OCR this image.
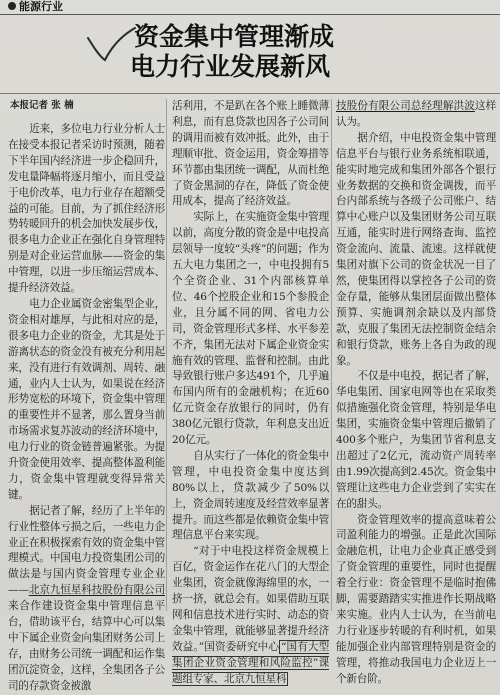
能源行业
资金集中管理渐成
电力行业发展新风
本报记者 张 楠

近来，多位电力行业分析人士在接受本报记者采访时预测，随着下半年国内经济进一步企稳回升，发电量降幅将逐月缩小，而且受益于电价改革，电力行业存在超额受益的可能。目前，为了抓住经济形势转暖回升的机会加快发展步伐，很多电力企业正在强化自身管理特别是对企业运营血脉——资金的集中管理，以进一步压缩运营成本、提升经济效益。

电力企业属资金密集型企业，资金相对雄厚，与此相对应的是，很多电力企业的资金，尤其是处于游离状态的资金没有被充分利用起来，没有进行有效调剂、周转、融通，业内人士认为，如果说在经济形势宽松的环境下，资金集中管理的重要性并不显著，那么置身当前市场需求复苏波动的经济环境中，电力行业的资金链普遍紧张。为提升资金使用效率、提高整体盈利能力，资金集中管理就变得异常关键。

据记者了解，经历了上半年的行业性整体亏损之后，一些电力企业正在积极探索有效的资金集中管理模式。中国电力投资集团公司的做法是与国内资金管理专业企业——北京九恒星科技股份有限公司来合作建设资金集中管理信息平台，借助该平台，结算中心可以集中下属企业资金向集团财务公司上存，由财务公司统一调配和运作集团沉淀资金，这样，全集团各子公司的存款资金被激

活利用，不是趴在各个账上睡微薄利息，而有息贷款也因各子公司间的调用而被有效冲抵。此外，由于理顺审批、资金运用，资金筹措等环节都由集团统一调配，从而杜绝了资金黑洞的存在，降低了资金使用成本，提高了经济效益。

实际上，在实施资金集中管理以前，高度分散的资金是中电投高层领导一度较“头疼”的问题；作为五大电力集团之一，中电投拥有5个全资企业、31个内部核算单位、46个控股企业和15个参股企业，且分属不同的网、省电力公司，资金管理形式多样、水平参差不齐，集团无法对下属企业资金实施有效的管理、监督和控制。由此导致银行账户多达491个，几乎遍布国内所有的金融机构；在近60亿元资金存放银行的同时，仍有380亿元银行贷款，年利息支出近20亿元。

自从实行了一体化的资金集中管理，中电投资金集中度达到80%以上，贷款减少了50%以上，资金周转速度及经营效率显著提升。而这些都是依赖资金集中管理信息平台来实现。

“对于中电投这样资金规模上百亿，资金运作在花八门的大型企业集团，资金就像海绵里的水，一挤一挤，就总会有。如果借助互联网和信息技术进行实时、动态的资金集中管理，就能够显著提升经济效益。”国资委研究中心 “国有大型集团企业资金管理和风险监控”课题组专家、北京九恒星科

技股份有限公司总经理解洪波这样认为。

据介绍，中电投资金集中管理信息平台与银行业务系统相联通，能实时地完成和集团外部各个银行业务数据的交换和资金调拨，而平台内部系统与各级子公司账户、结算中心账户以及集团财务公司互联互通，能实时进行网络查询、监控资金流向、流量、流速。这样就使集团对旗下公司的资金状况一目了然，使集团得以掌控各子公司的资金存量，能够从集团层面做出整体预算、实施调剂余缺以及内部贷款，克服了集团无法控制资金结余和银行贷款，账务上各自为政的现象。

不仅是中电投，据记者了解，华电集团、国家电网等也在采取类似措施强化资金管理，特别是华电集团，实施资金集中管理后撤销了400多个账户，为集团节省利息支出超过了2亿元，流动资产周转率由1.99次提高到2.45次。资金集中管理让这些电力企业尝到了实实在在的甜头。

资金管理效率的提高意味着公司盈利能力的增强。正是此次国际金融危机，让电力企业真正感受到了资金管理的重要性，同时也提醒着全行业：资金管理不是临时抱佛脚，需要踏踏实实推进作长期战略来实施。业内人士认为，在当前电力行业逐步转暖的有利时机，如果能加强企业内部管理特别是资金的管理，将推动我国电力企业迈上一个新台阶。
